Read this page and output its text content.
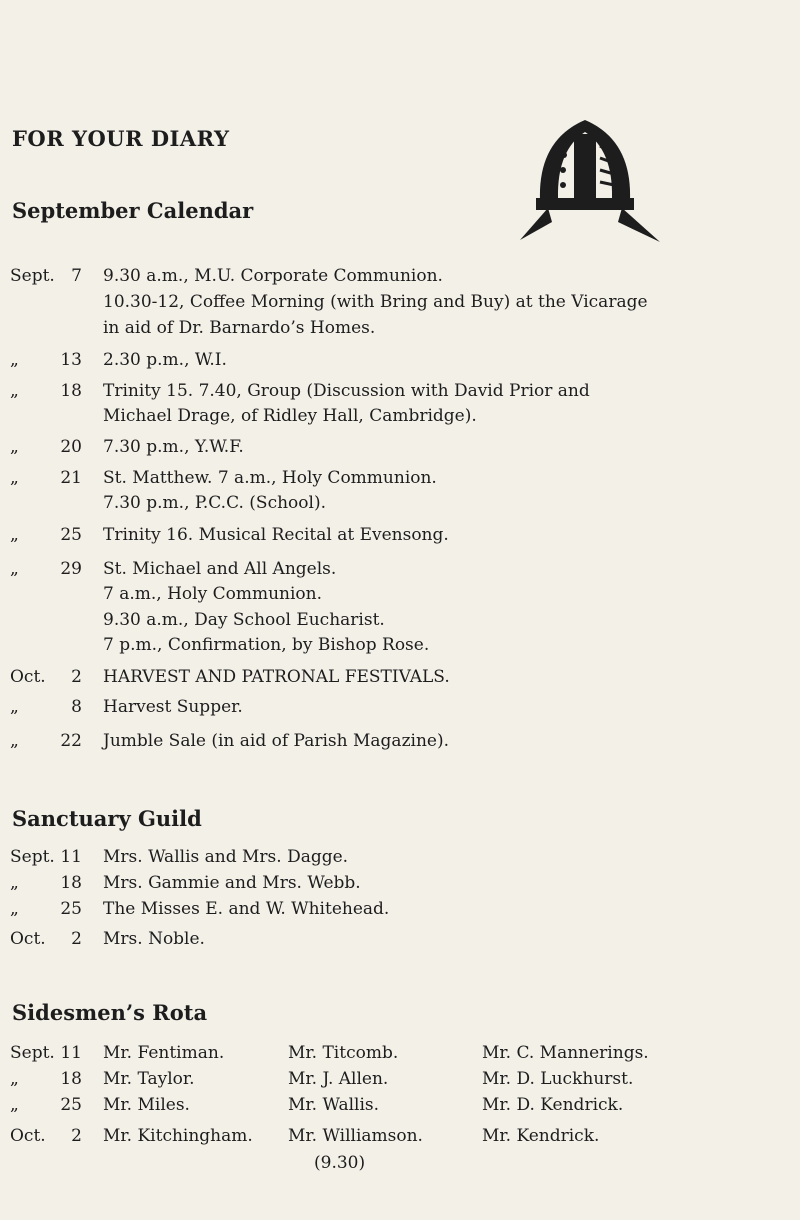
FOR YOUR DIARY
September Calendar
Sept. 7 9.30 a.m., M.U. Corporate Communion.
10.30-12, Coffee Morning (with Bring and Buy) at the Vicarage
in aid of Dr. Barnardo’s Homes.
„ 13 2.30 p.m., W.I.
„ 18 Trinity 15. 7.40, Group (Discussion with David Prior and
Michael Drage, of Ridley Hall, Cambridge).
„ 20 7.30 p.m., Y.W.F.
„ 21 St. Matthew. 7 a.m., Holy Communion.
7.30 p.m., P.C.C. (School).
„ 25 Trinity 16. Musical Recital at Evensong.
„ 29 St. Michael and All Angels.
7 a.m., Holy Communion.
9.30 a.m., Day School Eucharist.
7 p.m., Confirmation, by Bishop Rose.
Oct.	2 HARVEST AND PATRONAL FESTIVALS.
„	8 Harvest Supper.
„ 22 Jumble Sale (in aid of Parish Magazine).
Sanctuary Guild
Sept. 11 Mrs. Wallis and Mrs. Dagge.
„ 18 Mrs. Gammie and Mrs. Webb.
„ 25 The Misses E. and W. Whitehead.
Oct.	2 Mrs. Noble.
Sidesmen’s Rota
Sept. 11 Mr. Fentiman.	Mr. Titcomb.	Mr. C. Mannerings.
„ 18 Mr. Taylor.	Mr. J. Allen.	Mr. D. Luckhurst.
„ 25 Mr. Miles.	Mr. Wallis.	Mr. D. Kendrick.
Oct.	2 Mr. Kitchingham. Mr. Williamson.	Mr. Kendrick.
(9.30)
